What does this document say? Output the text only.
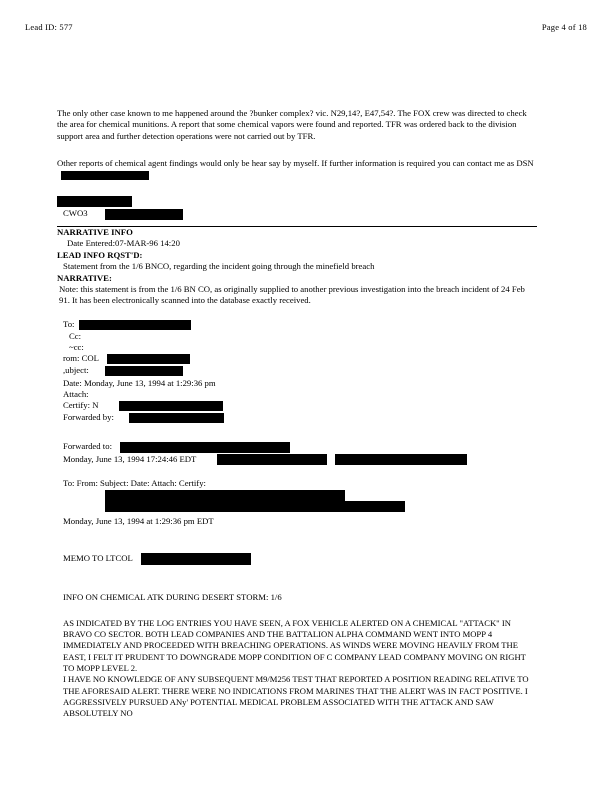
Lead ID: 577	Page 4 of 18

The only other case known to me happened around the ?bunker complex? vic. N29,14?, E47,54?. The FOX crew was directed to check the area for chemical munitions. A report that some chemical vapors were found and reported. TFR was ordered back to the division support area and further detection operations were not carried out by TFR.

Other reports of chemical agent findings would only be hear say by myself. If further information is required you can contact me as DSN

CWO3
NARRATIVE INFO
Date Entered:07-MAR-96 14:20
LEAD INFO RQST'D:
Statement from the 1/6 BNCO, regarding the incident going through the minefield breach
NARRATIVE:

Note: this statement is from the 1/6 BN CO, as originally supplied to another previous investigation into the breach incident of 24 Feb 91. It has been electronically scanned into the database exactly received.

To:
Cc:
~cc:
rom: COL
,ubject:
Date: Monday, June 13, 1994 at 1:29:36 pm
Attach:
Certify: N
Forwarded by:
Forwarded to:
Monday, June 13, 1994 17:24:46 EDT
To: From: Subject: Date: Attach: Certify:
Monday, June 13, 1994 at 1:29:36 pm EDT
MEMO TO LTCOL
INFO ON CHEMICAL ATK DURING DESERT STORM: 1/6

AS INDICATED BY THE LOG ENTRIES YOU HAVE SEEN, A FOX VEHICLE ALERTED ON A CHEMICAL "ATTACK" IN BRAVO CO SECTOR. BOTH LEAD COMPANIES AND THE BATTALION ALPHA COMMAND WENT INTO MOPP 4 IMMEDIATELY AND PROCEEDED WITH BREACHING OPERATIONS. AS WINDS WERE MOVING HEAVILY FROM THE EAST, I FELT IT PRUDENT TO DOWNGRADE MOPP CONDITION OF C COMPANY LEAD COMPANY MOVING ON RIGHT TO MOPP LEVEL 2.

I HAVE NO KNOWLEDGE OF ANY SUBSEQUENT M9/M256 TEST THAT REPORTED A POSITION READING RELATIVE TO THE AFORESAID ALERT. THERE WERE NO INDICATIONS FROM MARINES THAT THE ALERT WAS IN FACT POSITIVE. I AGGRESSIVELY PURSUED ANy' POTENTIAL MEDICAL PROBLEM ASSOCIATED WITH THE ATTACK AND SAW ABSOLUTELY NO
